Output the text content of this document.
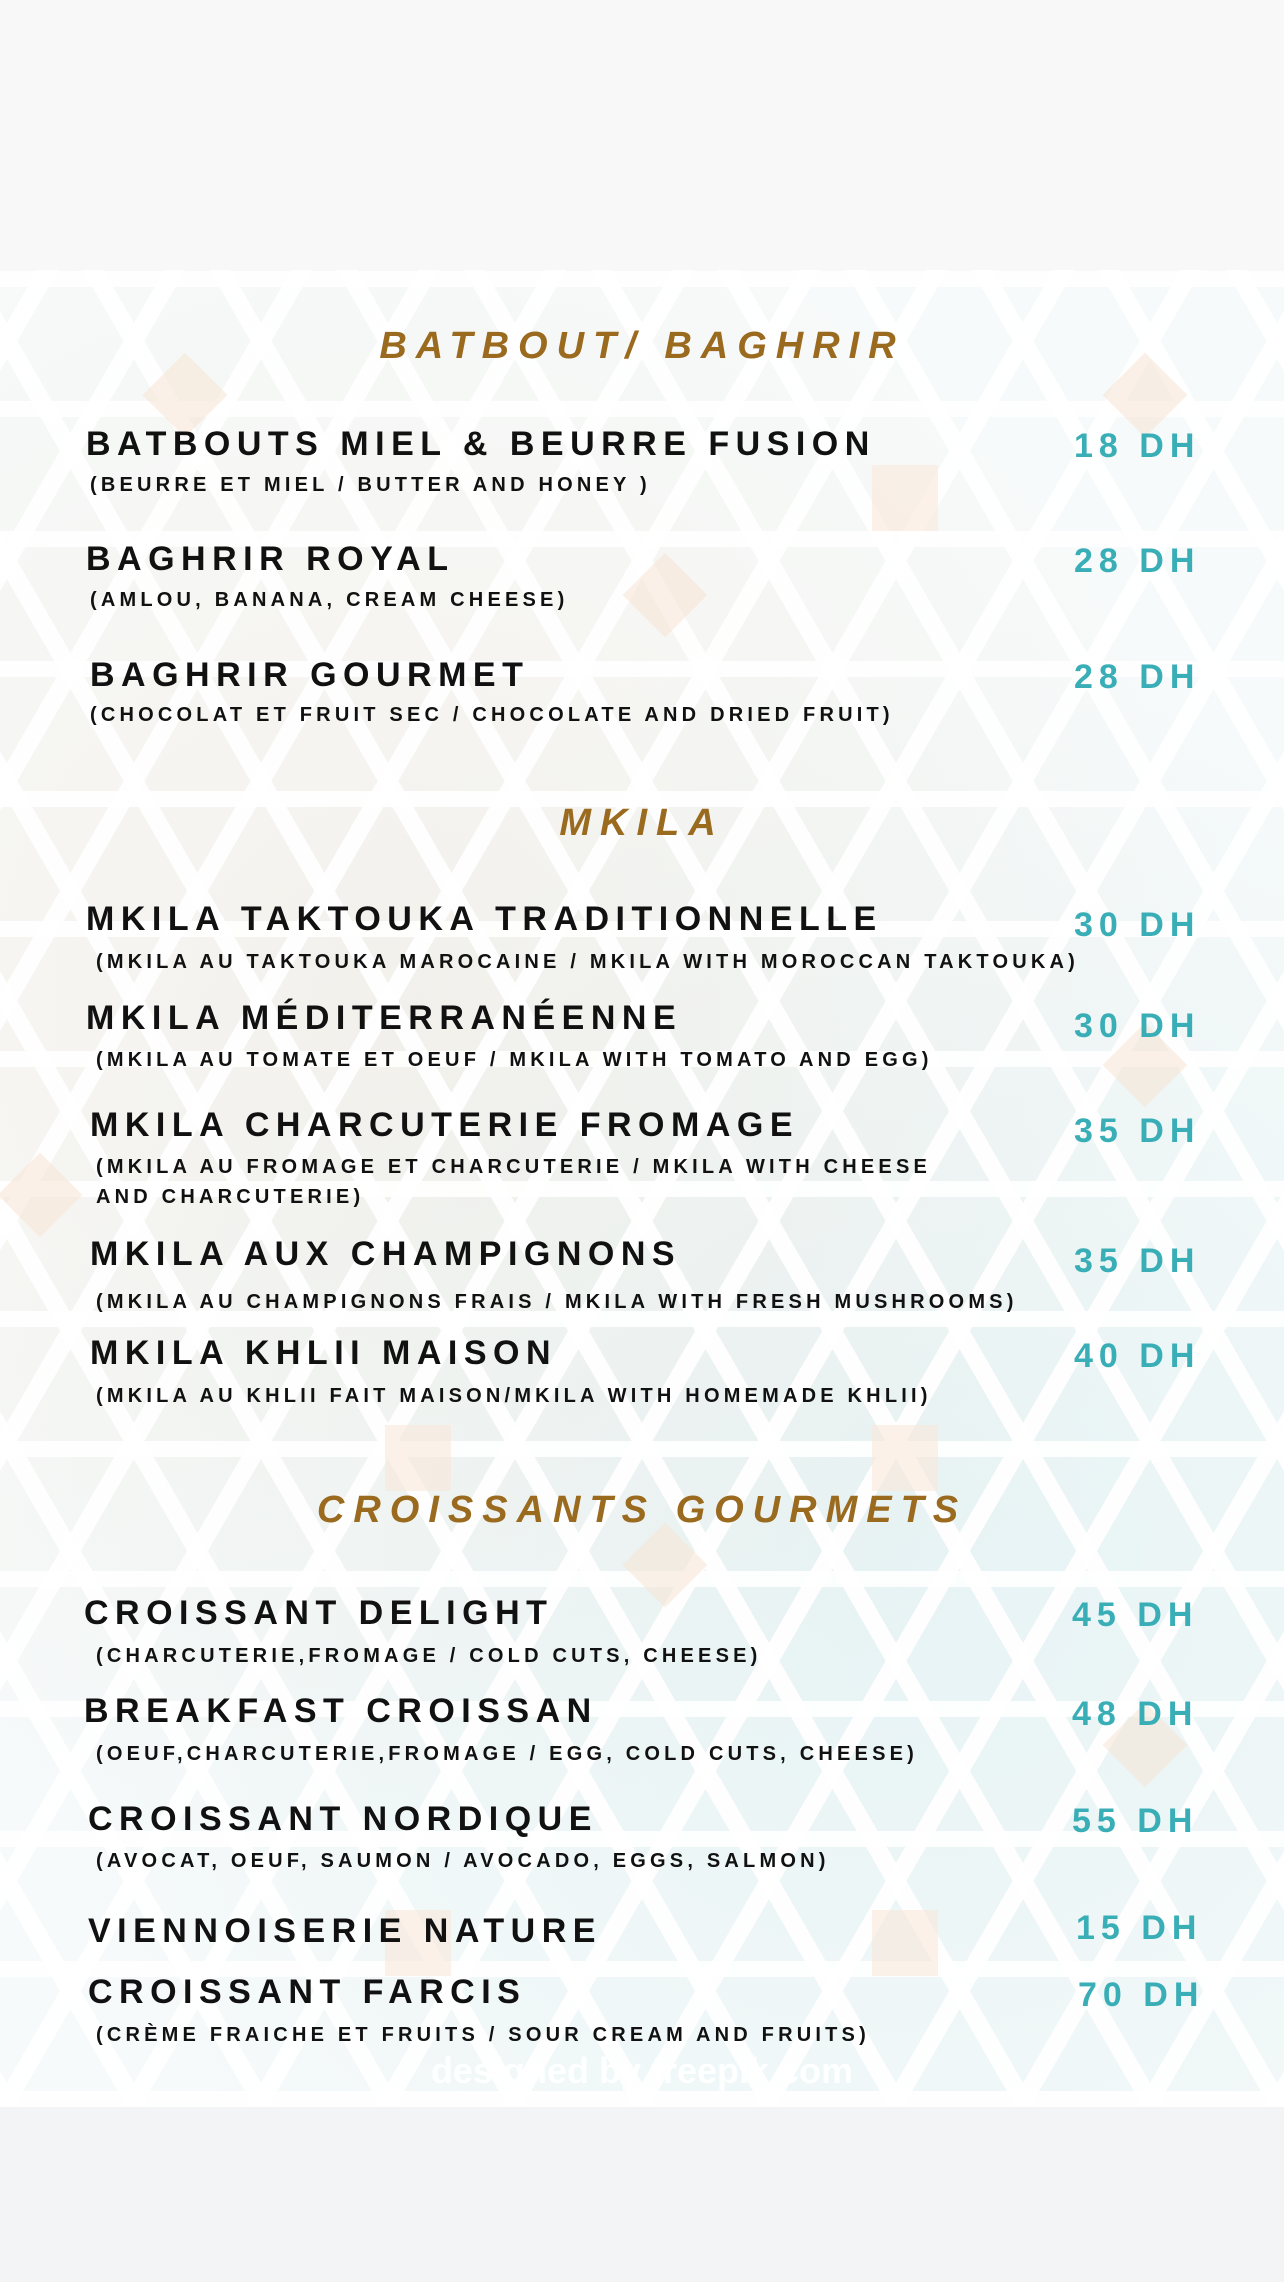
BATBOUT/ BAGHRIR
BATBOUTS MIEL & BEURRE FUSION
(BEURRE ET MIEL / BUTTER AND HONEY )
18 DH
BAGHRIR ROYAL
(AMLOU, BANANA, CREAM CHEESE)
28 DH
BAGHRIR GOURMET
(CHOCOLAT ET FRUIT SEC / CHOCOLATE AND DRIED FRUIT)
28 DH
MKILA
MKILA TAKTOUKA TRADITIONNELLE
(MKILA AU TAKTOUKA MAROCAINE / MKILA WITH MOROCCAN TAKTOUKA)
30 DH
MKILA MÉDITERRANÉENNE
(MKILA AU TOMATE ET OEUF / MKILA WITH TOMATO AND EGG)
30 DH
MKILA CHARCUTERIE FROMAGE
(MKILA AU FROMAGE ET CHARCUTERIE / MKILA WITH CHEESE
AND CHARCUTERIE)
35 DH
MKILA AUX CHAMPIGNONS
(MKILA AU CHAMPIGNONS FRAIS / MKILA WITH FRESH MUSHROOMS)
35 DH
MKILA KHLII MAISON
(MKILA AU KHLII FAIT MAISON/MKILA WITH HOMEMADE KHLII)
40 DH
CROISSANTS GOURMETS
CROISSANT DELIGHT
(CHARCUTERIE,FROMAGE / COLD CUTS, CHEESE)
45 DH
BREAKFAST CROISSAN
(OEUF,CHARCUTERIE,FROMAGE / EGG, COLD CUTS, CHEESE)
48 DH
CROISSANT NORDIQUE
(AVOCAT, OEUF, SAUMON / AVOCADO, EGGS, SALMON)
55 DH
VIENNOISERIE NATURE	15 DH
CROISSANT FARCIS
(CRÈME FRAICHE ET FRUITS / SOUR CREAM AND FRUITS)
70 DH
designed by freepik.com
